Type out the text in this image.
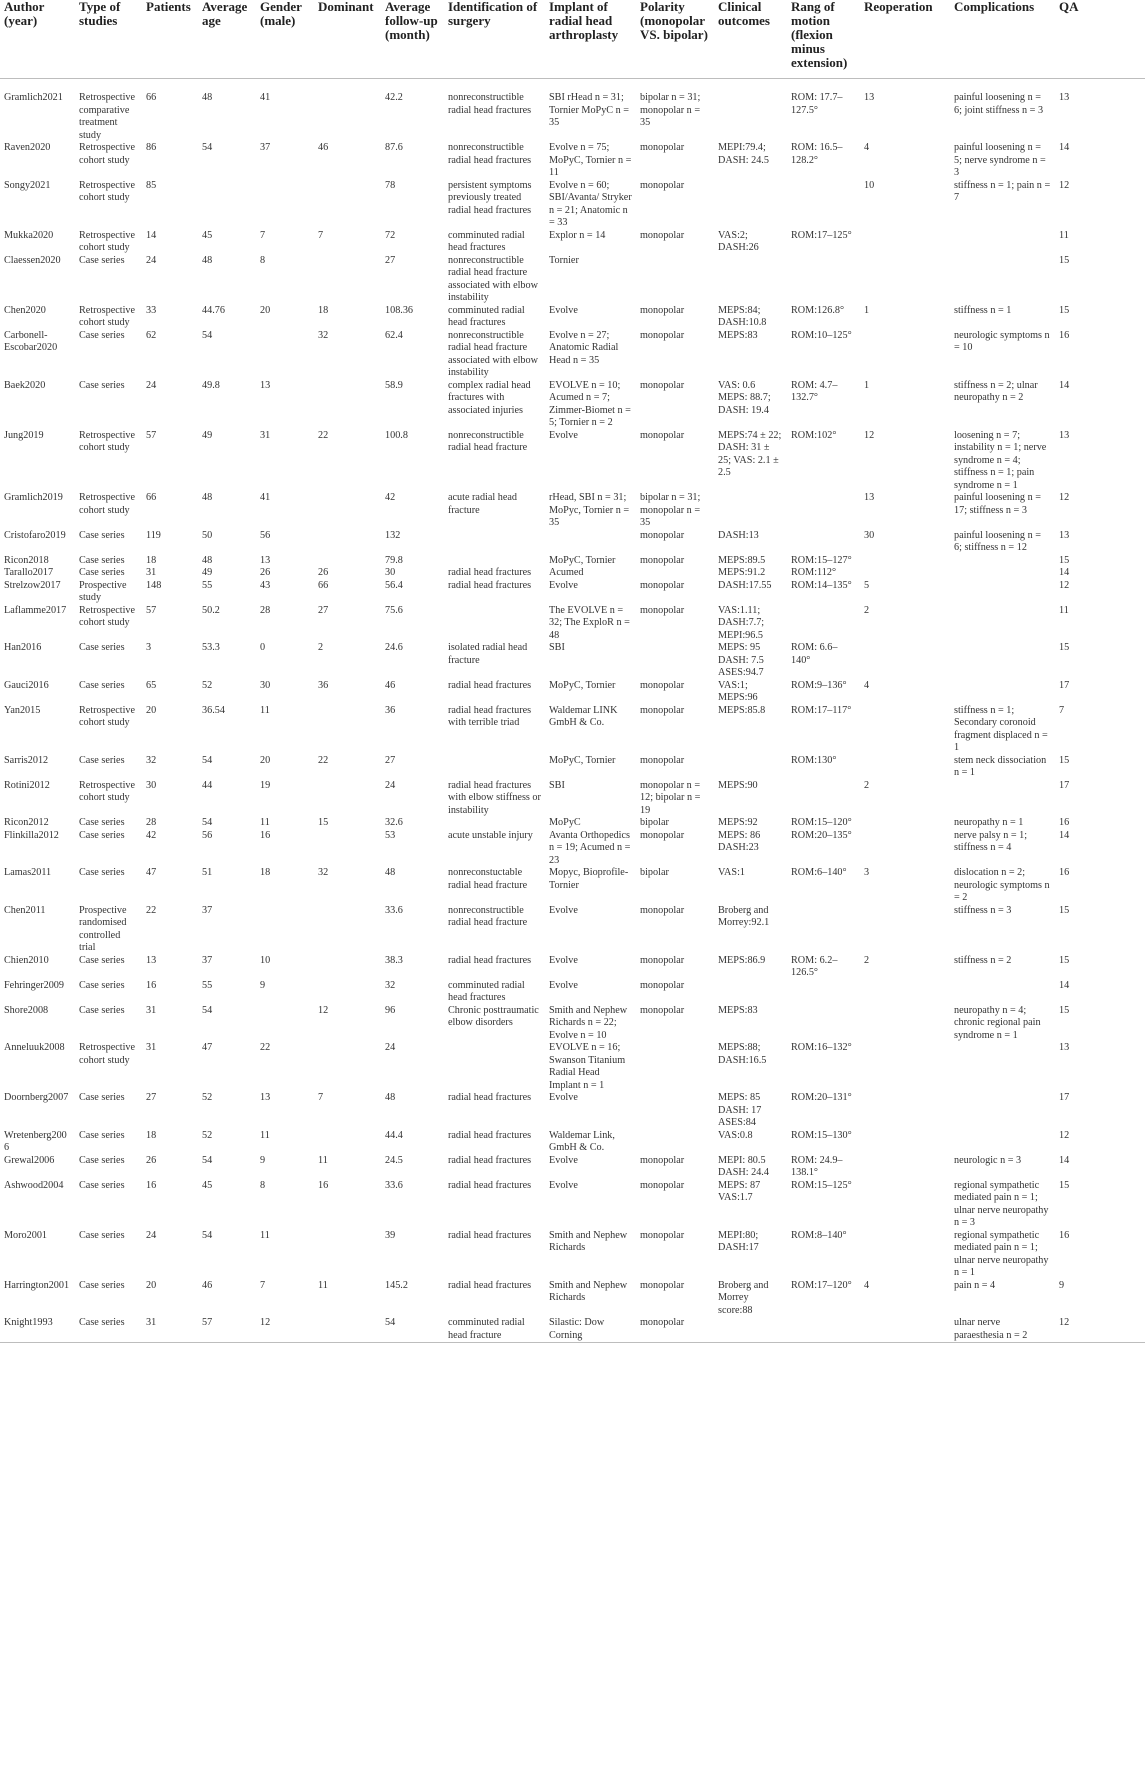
Author (year)	Type of studies	Patients	Average age	Gender (male)	Dominant	Average follow-up (month)	Identification of surgery	Implant of radial head arthroplasty	Polarity (monopolar VS. bipolar)	Clinical outcomes	Rang of motion (flexion minus extension)	Reoperation	Complications	QA
Gramlich2021	Retrospective comparative treatment study	66	48	41		42.2	nonreconstructible radial head fractures	SBI rHead n = 31; Tornier MoPyC n = 35	bipolar n = 31; monopolar n = 35		ROM: 17.7–127.5°	13	painful loosening n = 6; joint stiffness n = 3	13
Raven2020	Retrospective cohort study	86	54	37	46	87.6	nonreconstructible radial head fractures	Evolve n = 75; MoPyC, Tornier n = 11	monopolar	MEPI:79.4; DASH: 24.5	ROM: 16.5–128.2°	4	painful loosening n = 5; nerve syndrome n = 3	14
Songy2021	Retrospective cohort study	85				78	persistent symptoms previously treated radial head fractures	Evolve n = 60; SBI/Avanta/ Stryker n = 21; Anatomic n = 33	monopolar			10	stiffness n = 1; pain n = 7	12
Mukka2020	Retrospective cohort study	14	45	7	7	72	comminuted radial head fractures	Explor n = 14	monopolar	VAS:2; DASH:26	ROM:17–125°			11
Claessen2020	Case series	24	48	8		27	nonreconstructible radial head fracture associated with elbow instability	Tornier						15
Chen2020	Retrospective cohort study	33	44.76	20	18	108.36	comminuted radial head fractures	Evolve	monopolar	MEPS:84; DASH:10.8	ROM:126.8°	1	stiffness n = 1	15
Carbonell-Escobar2020	Case series	62	54		32	62.4	nonreconstructible radial head fracture associated with elbow instability	Evolve n = 27; Anatomic Radial Head n = 35	monopolar	MEPS:83	ROM:10–125°		neurologic symptoms n = 10	16
Baek2020	Case series	24	49.8	13		58.9	complex radial head fractures with associated injuries	EVOLVE n = 10; Acumed n = 7; Zimmer-Biomet n = 5; Tornier n = 2	monopolar	VAS: 0.6 MEPS: 88.7; DASH: 19.4	ROM: 4.7–132.7°	1	stiffness n = 2; ulnar neuropathy n = 2	14
Jung2019	Retrospective cohort study	57	49	31	22	100.8	nonreconstructible radial head fracture	Evolve	monopolar	MEPS:74 ± 22; DASH: 31 ± 25; VAS: 2.1 ± 2.5	ROM:102°	12	loosening n = 7; instability n = 1; nerve syndrome n = 4; stiffness n = 1; pain syndrome n = 1	13
Gramlich2019	Retrospective cohort study	66	48	41		42	acute radial head fracture	rHead, SBI n = 31; MoPyc, Tornier n = 35	bipolar n = 31; monopolar n = 35			13	painful loosening n = 17; stiffness n = 3	12
Cristofaro2019	Case series	119	50	56		132			monopolar	DASH:13		30	painful loosening n = 6; stiffness n = 12	13
Ricon2018	Case series	18	48	13		79.8		MoPyC, Tornier	monopolar	MEPS:89.5	ROM:15–127°			15
Tarallo2017	Case series	31	49	26	26	30	radial head fractures	Acumed		MEPS:91.2	ROM:112°			14
Strelzow2017	Prospective study	148	55	43	66	56.4	radial head fractures	Evolve	monopolar	DASH:17.55	ROM:14–135°	5		12
Laflamme2017	Retrospective cohort study	57	50.2	28	27	75.6		The EVOLVE n = 32; The ExploR n = 48	monopolar	VAS:1.11; DASH:7.7; MEPI:96.5		2		11
Han2016	Case series	3	53.3	0	2	24.6	isolated radial head fracture	SBI		MEPS: 95 DASH: 7.5 ASES:94.7	ROM: 6.6–140°			15
Gauci2016	Case series	65	52	30	36	46	radial head fractures	MoPyC, Tornier	monopolar	VAS:1; MEPS:96	ROM:9–136°	4		17
Yan2015	Retrospective cohort study	20	36.54	11		36	radial head fractures with terrible triad	Waldemar LINK GmbH & Co.	monopolar	MEPS:85.8	ROM:17–117°		stiffness n = 1; Secondary coronoid fragment displaced n = 1	7
Sarris2012	Case series	32	54	20	22	27		MoPyC, Tornier	monopolar		ROM:130°		stem neck dissociation n = 1	15
Rotini2012	Retrospective cohort study	30	44	19		24	radial head fractures with elbow stiffness or instability	SBI	monopolar n = 12; bipolar n = 19	MEPS:90		2		17
Ricon2012	Case series	28	54	11	15	32.6		MoPyC	bipolar	MEPS:92	ROM:15–120°		neuropathy n = 1	16
Flinkilla2012	Case series	42	56	16		53	acute unstable injury	Avanta Orthopedics n = 19; Acumed n = 23	monopolar	MEPS: 86 DASH:23	ROM:20–135°		nerve palsy n = 1; stiffness n = 4	14
Lamas2011	Case series	47	51	18	32	48	nonreconstuctable radial head fracture	Mopyc, Bioprofile-Tornier	bipolar	VAS:1	ROM:6–140°	3	dislocation n = 2; neurologic symptoms n = 2	16
Chen2011	Prospective randomised controlled trial	22	37			33.6	nonreconstructible radial head fracture	Evolve	monopolar	Broberg and Morrey:92.1			stiffness n = 3	15
Chien2010	Case series	13	37	10		38.3	radial head fractures	Evolve	monopolar	MEPS:86.9	ROM: 6.2–126.5°	2	stiffness n = 2	15
Fehringer2009	Case series	16	55	9		32	comminuted radial head fractures	Evolve	monopolar					14
Shore2008	Case series	31	54		12	96	Chronic posttraumatic elbow disorders	Smith and Nephew Richards n = 22; Evolve n = 10	monopolar	MEPS:83			neuropathy n = 4; chronic regional pain syndrome n = 1	15
Anneluuk2008	Retrospective cohort study	31	47	22		24		EVOLVE n = 16; Swanson Titanium Radial Head Implant n = 1		MEPS:88; DASH:16.5	ROM:16–132°			13
Doornberg2007	Case series	27	52	13	7	48	radial head fractures	Evolve		MEPS: 85 DASH: 17 ASES:84	ROM:20–131°			17
Wretenberg2006	Case series	18	52	11		44.4	radial head fractures	Waldemar Link, GmbH & Co.		VAS:0.8	ROM:15–130°			12
Grewal2006	Case series	26	54	9	11	24.5	radial head fractures	Evolve	monopolar	MEPI: 80.5 DASH: 24.4	ROM: 24.9–138.1°		neurologic n = 3	14
Ashwood2004	Case series	16	45	8	16	33.6	radial head fractures	Evolve	monopolar	MEPS: 87 VAS:1.7	ROM:15–125°		regional sympathetic mediated pain n = 1; ulnar nerve neuropathy n = 3	15
Moro2001	Case series	24	54	11		39	radial head fractures	Smith and Nephew Richards	monopolar	MEPI:80; DASH:17	ROM:8–140°		regional sympathetic mediated pain n = 1; ulnar nerve neuropathy n = 1	16
Harrington2001	Case series	20	46	7	11	145.2	radial head fractures	Smith and Nephew Richards	monopolar	Broberg and Morrey score:88	ROM:17–120°	4	pain n = 4	9
Knight1993	Case series	31	57	12		54	comminuted radial head fracture	Silastic: Dow Corning	monopolar				ulnar nerve paraesthesia n = 2	12
